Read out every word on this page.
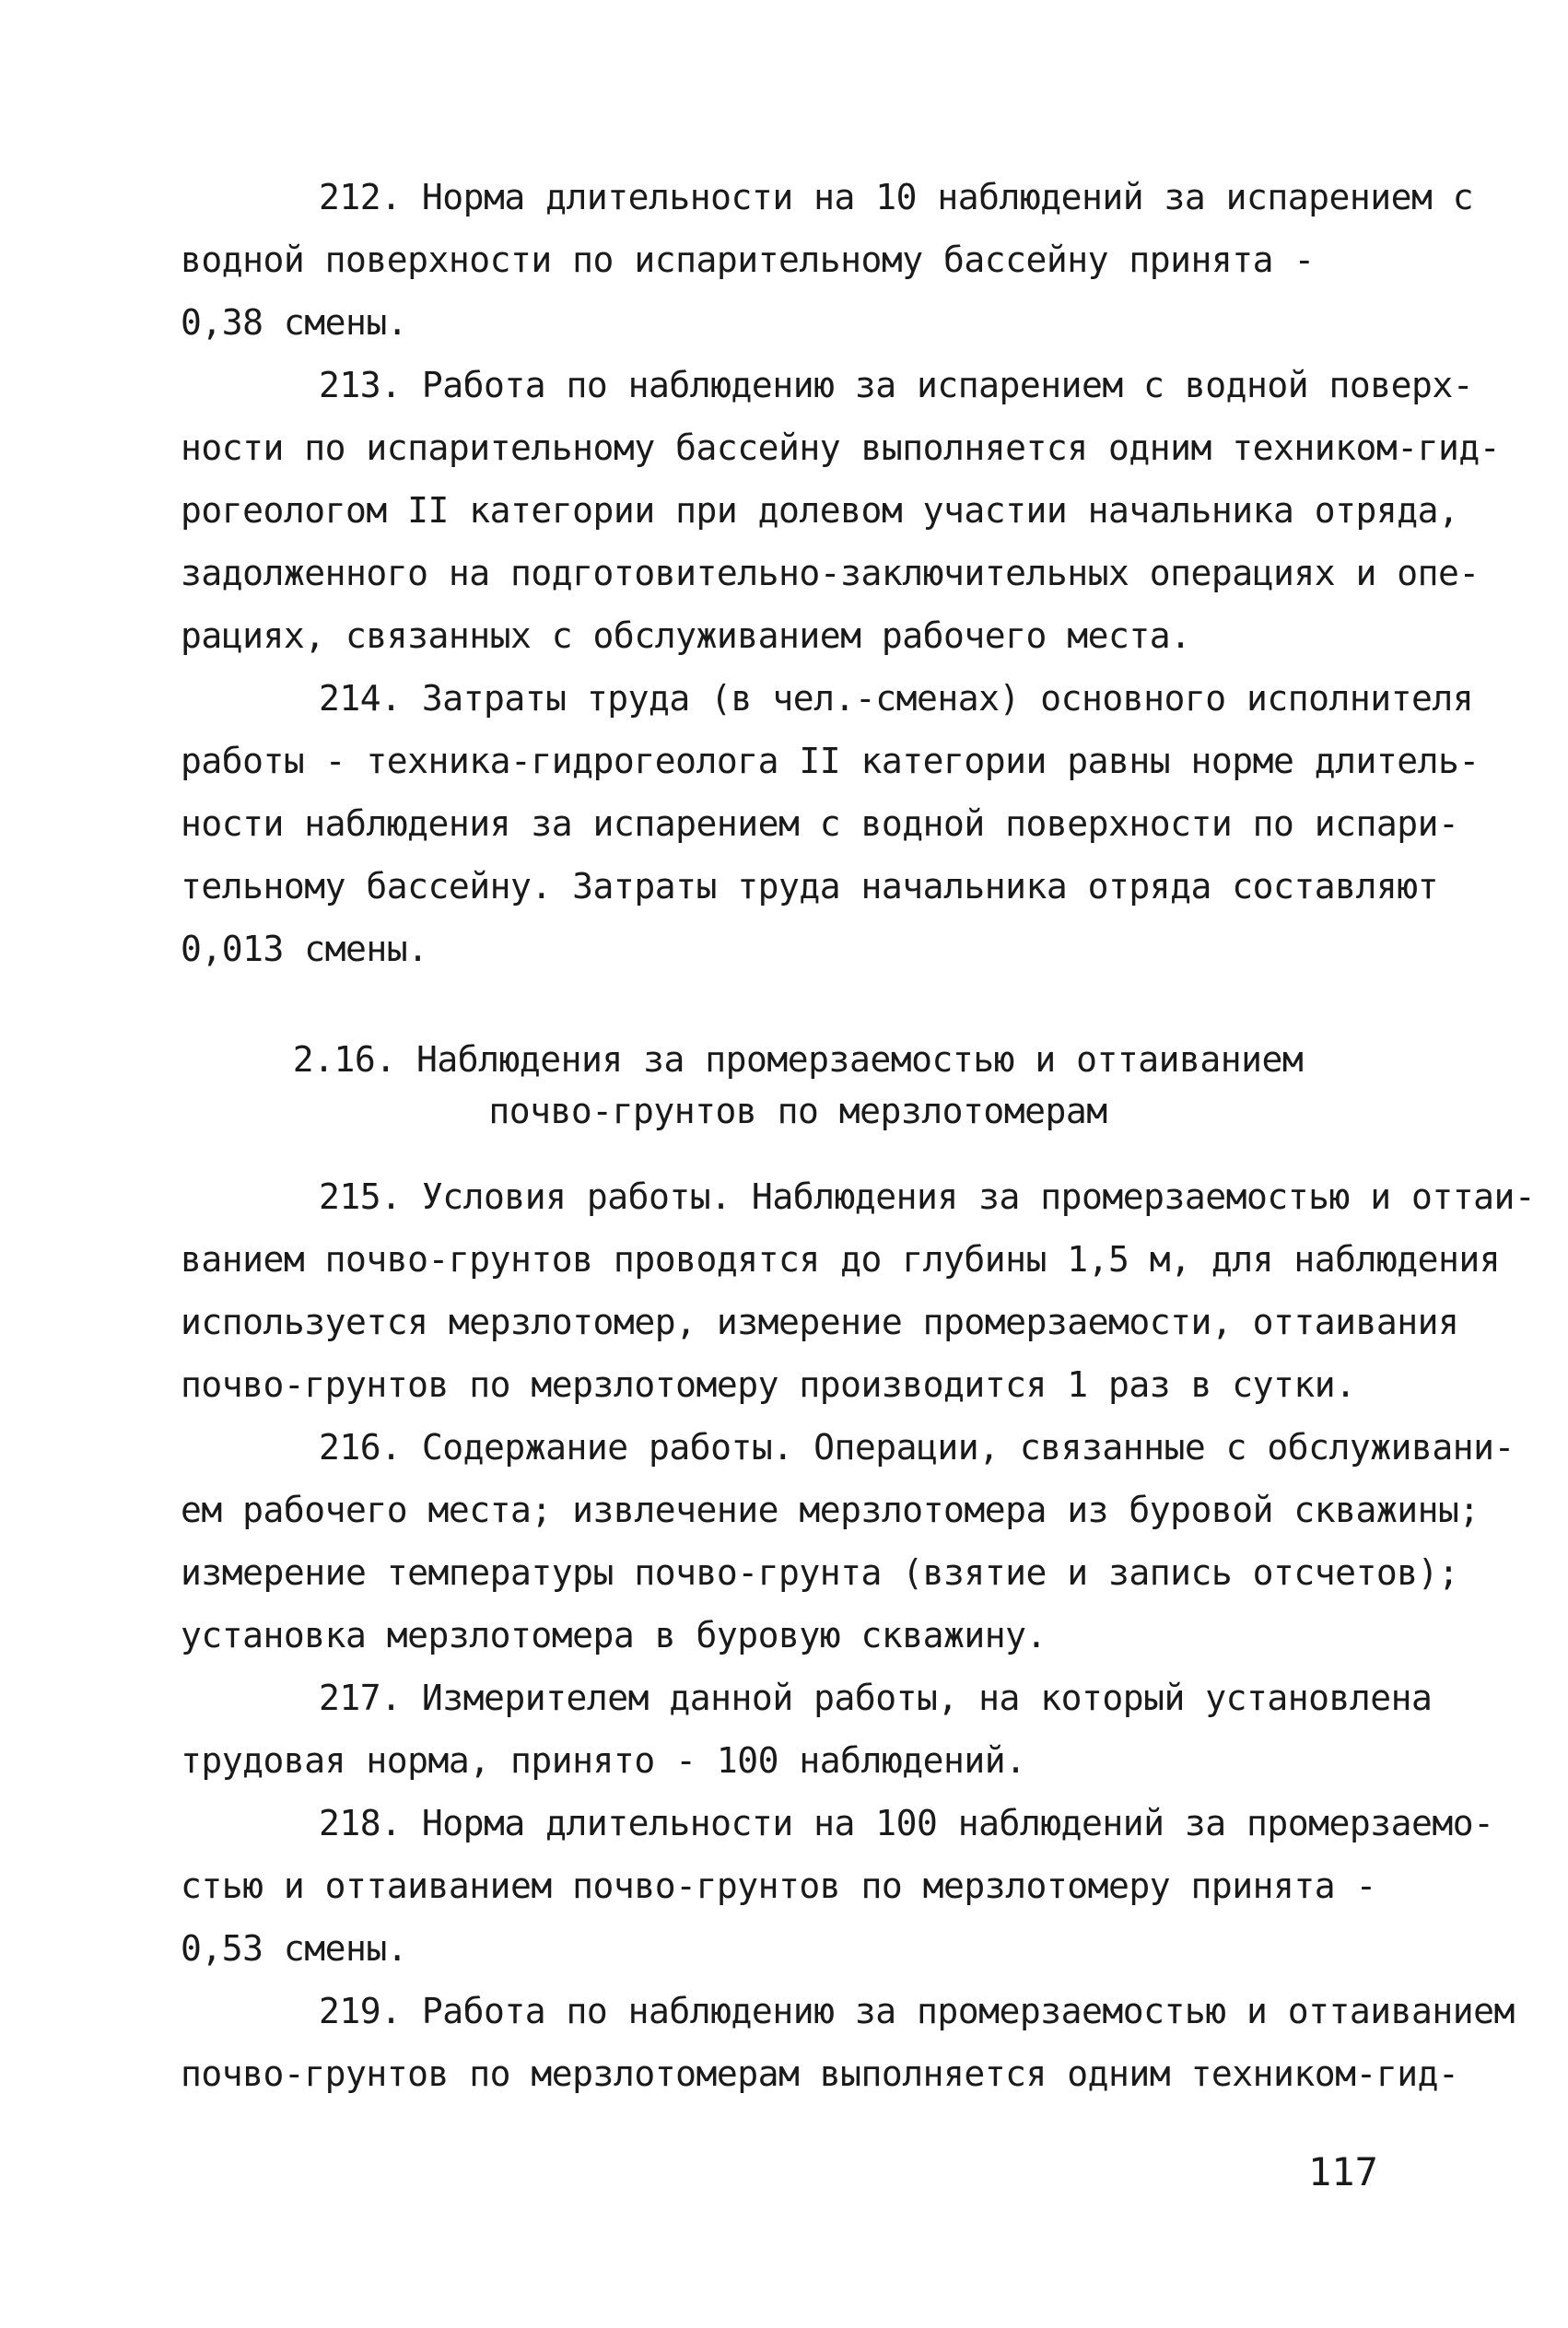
212. Норма длительности на 10 наблюдений за испарением с
водной поверхности по испарительному бассейну принята -
0,38 смены.
213. Работа по наблюдению за испарением с водной поверх-
ности по испарительному бассейну выполняется одним техником-гид-
рогеологом II категории при долевом участии начальника отряда,
задолженного на подготовительно-заключительных операциях и опе-
рациях, связанных с обслуживанием рабочего места.
214. Затраты труда (в чел.-сменах) основного исполнителя
работы - техника-гидрогеолога II категории равны норме длитель-
ности наблюдения за испарением с водной поверхности по испари-
тельному бассейну. Затраты труда начальника отряда составляют
0,013 смены.
2.16. Наблюдения за промерзаемостью и оттаиванием
почво-грунтов по мерзлотомерам
215. Условия работы. Наблюдения за промерзаемостью и оттаи-
ванием почво-грунтов проводятся до глубины 1,5 м, для наблюдения
используется мерзлотомер, измерение промерзаемости, оттаивания
почво-грунтов по мерзлотомеру производится 1 раз в сутки.
216. Содержание работы. Операции, связанные с обслуживани-
ем рабочего места; извлечение мерзлотомера из буровой скважины;
измерение температуры почво-грунта (взятие и запись отсчетов);
установка мерзлотомера в буровую скважину.
217. Измерителем данной работы, на который установлена
трудовая норма, принято - 100 наблюдений.
218. Норма длительности на 100 наблюдений за промерзаемо-
стью и оттаиванием почво-грунтов по мерзлотомеру принята -
0,53 смены.
219. Работа по наблюдению за промерзаемостью и оттаиванием
почво-грунтов по мерзлотомерам выполняется одним техником-гид-
117
